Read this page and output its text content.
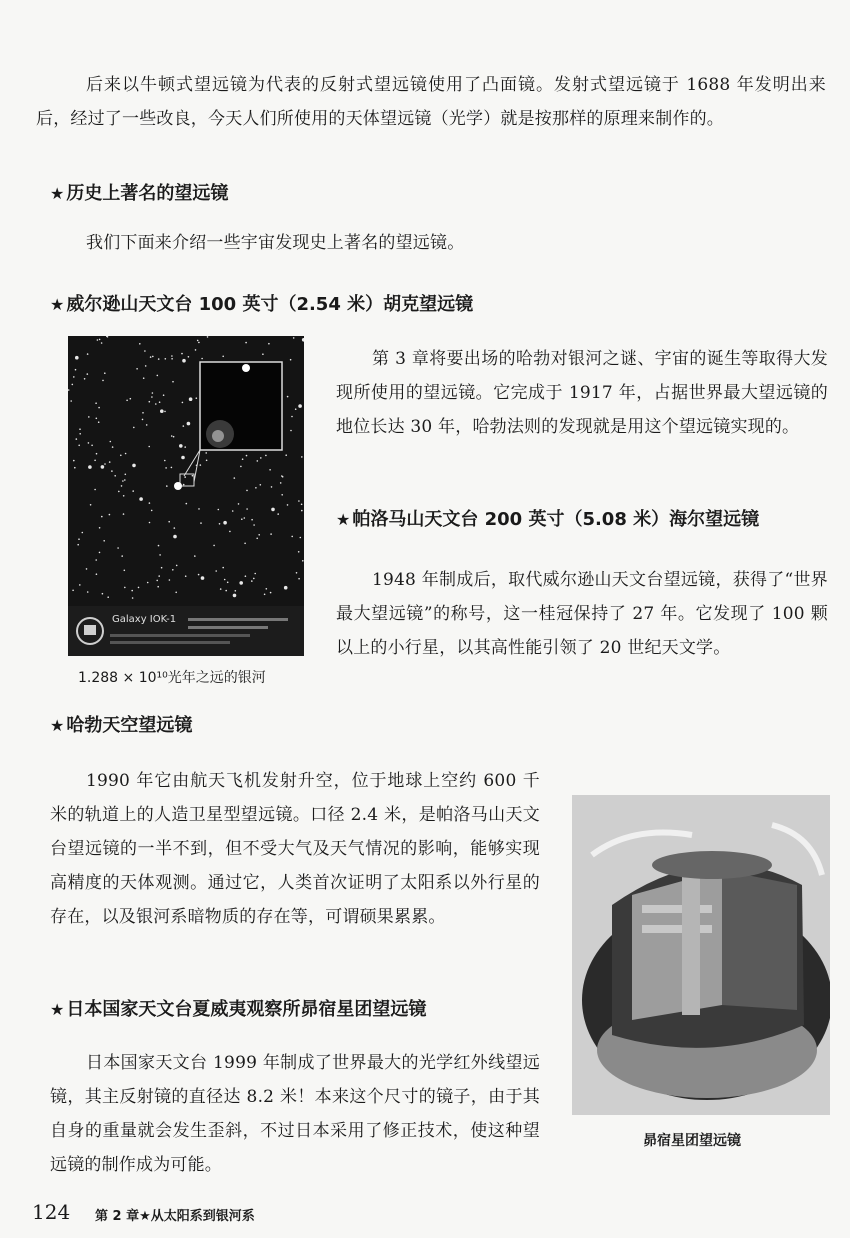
后来以牛顿式望远镜为代表的反射式望远镜使用了凸面镜。发射式望远镜于 1688 年发明出来后，经过了一些改良，今天人们所使用的天体望远镜（光学）就是按那样的原理来制作的。

★ 历史上著名的望远镜

我们下面来介绍一些宇宙发现史上著名的望远镜。

★ 威尔逊山天文台 100 英寸（2.54 米）胡克望远镜
Galaxy IOK-1
1.288 × 10¹⁰光年之远的银河

第 3 章将要出场的哈勃对银河之谜、宇宙的诞生等取得大发现所使用的望远镜。它完成于 1917 年，占据世界最大望远镜的地位长达 30 年，哈勃法则的发现就是用这个望远镜实现的。

★ 帕洛马山天文台 200 英寸（5.08 米）海尔望远镜

1948 年制成后，取代威尔逊山天文台望远镜，获得了“世界最大望远镜”的称号，这一桂冠保持了 27 年。它发现了 100 颗以上的小行星，以其高性能引领了 20 世纪天文学。

★ 哈勃天空望远镜

1990 年它由航天飞机发射升空，位于地球上空约 600 千米的轨道上的人造卫星型望远镜。口径 2.4 米，是帕洛马山天文台望远镜的一半不到，但不受大气及天气情况的影响，能够实现高精度的天体观测。通过它，人类首次证明了太阳系以外行星的存在，以及银河系暗物质的存在等，可谓硕果累累。

昴宿星团望远镜
★ 日本国家天文台夏威夷观察所昴宿星团望远镜

日本国家天文台 1999 年制成了世界最大的光学红外线望远镜，其主反射镜的直径达 8.2 米！本来这个尺寸的镜子，由于其自身的重量就会发生歪斜，不过日本采用了修正技术，使这种望远镜的制作成为可能。

124 第 2 章★从太阳系到银河系
